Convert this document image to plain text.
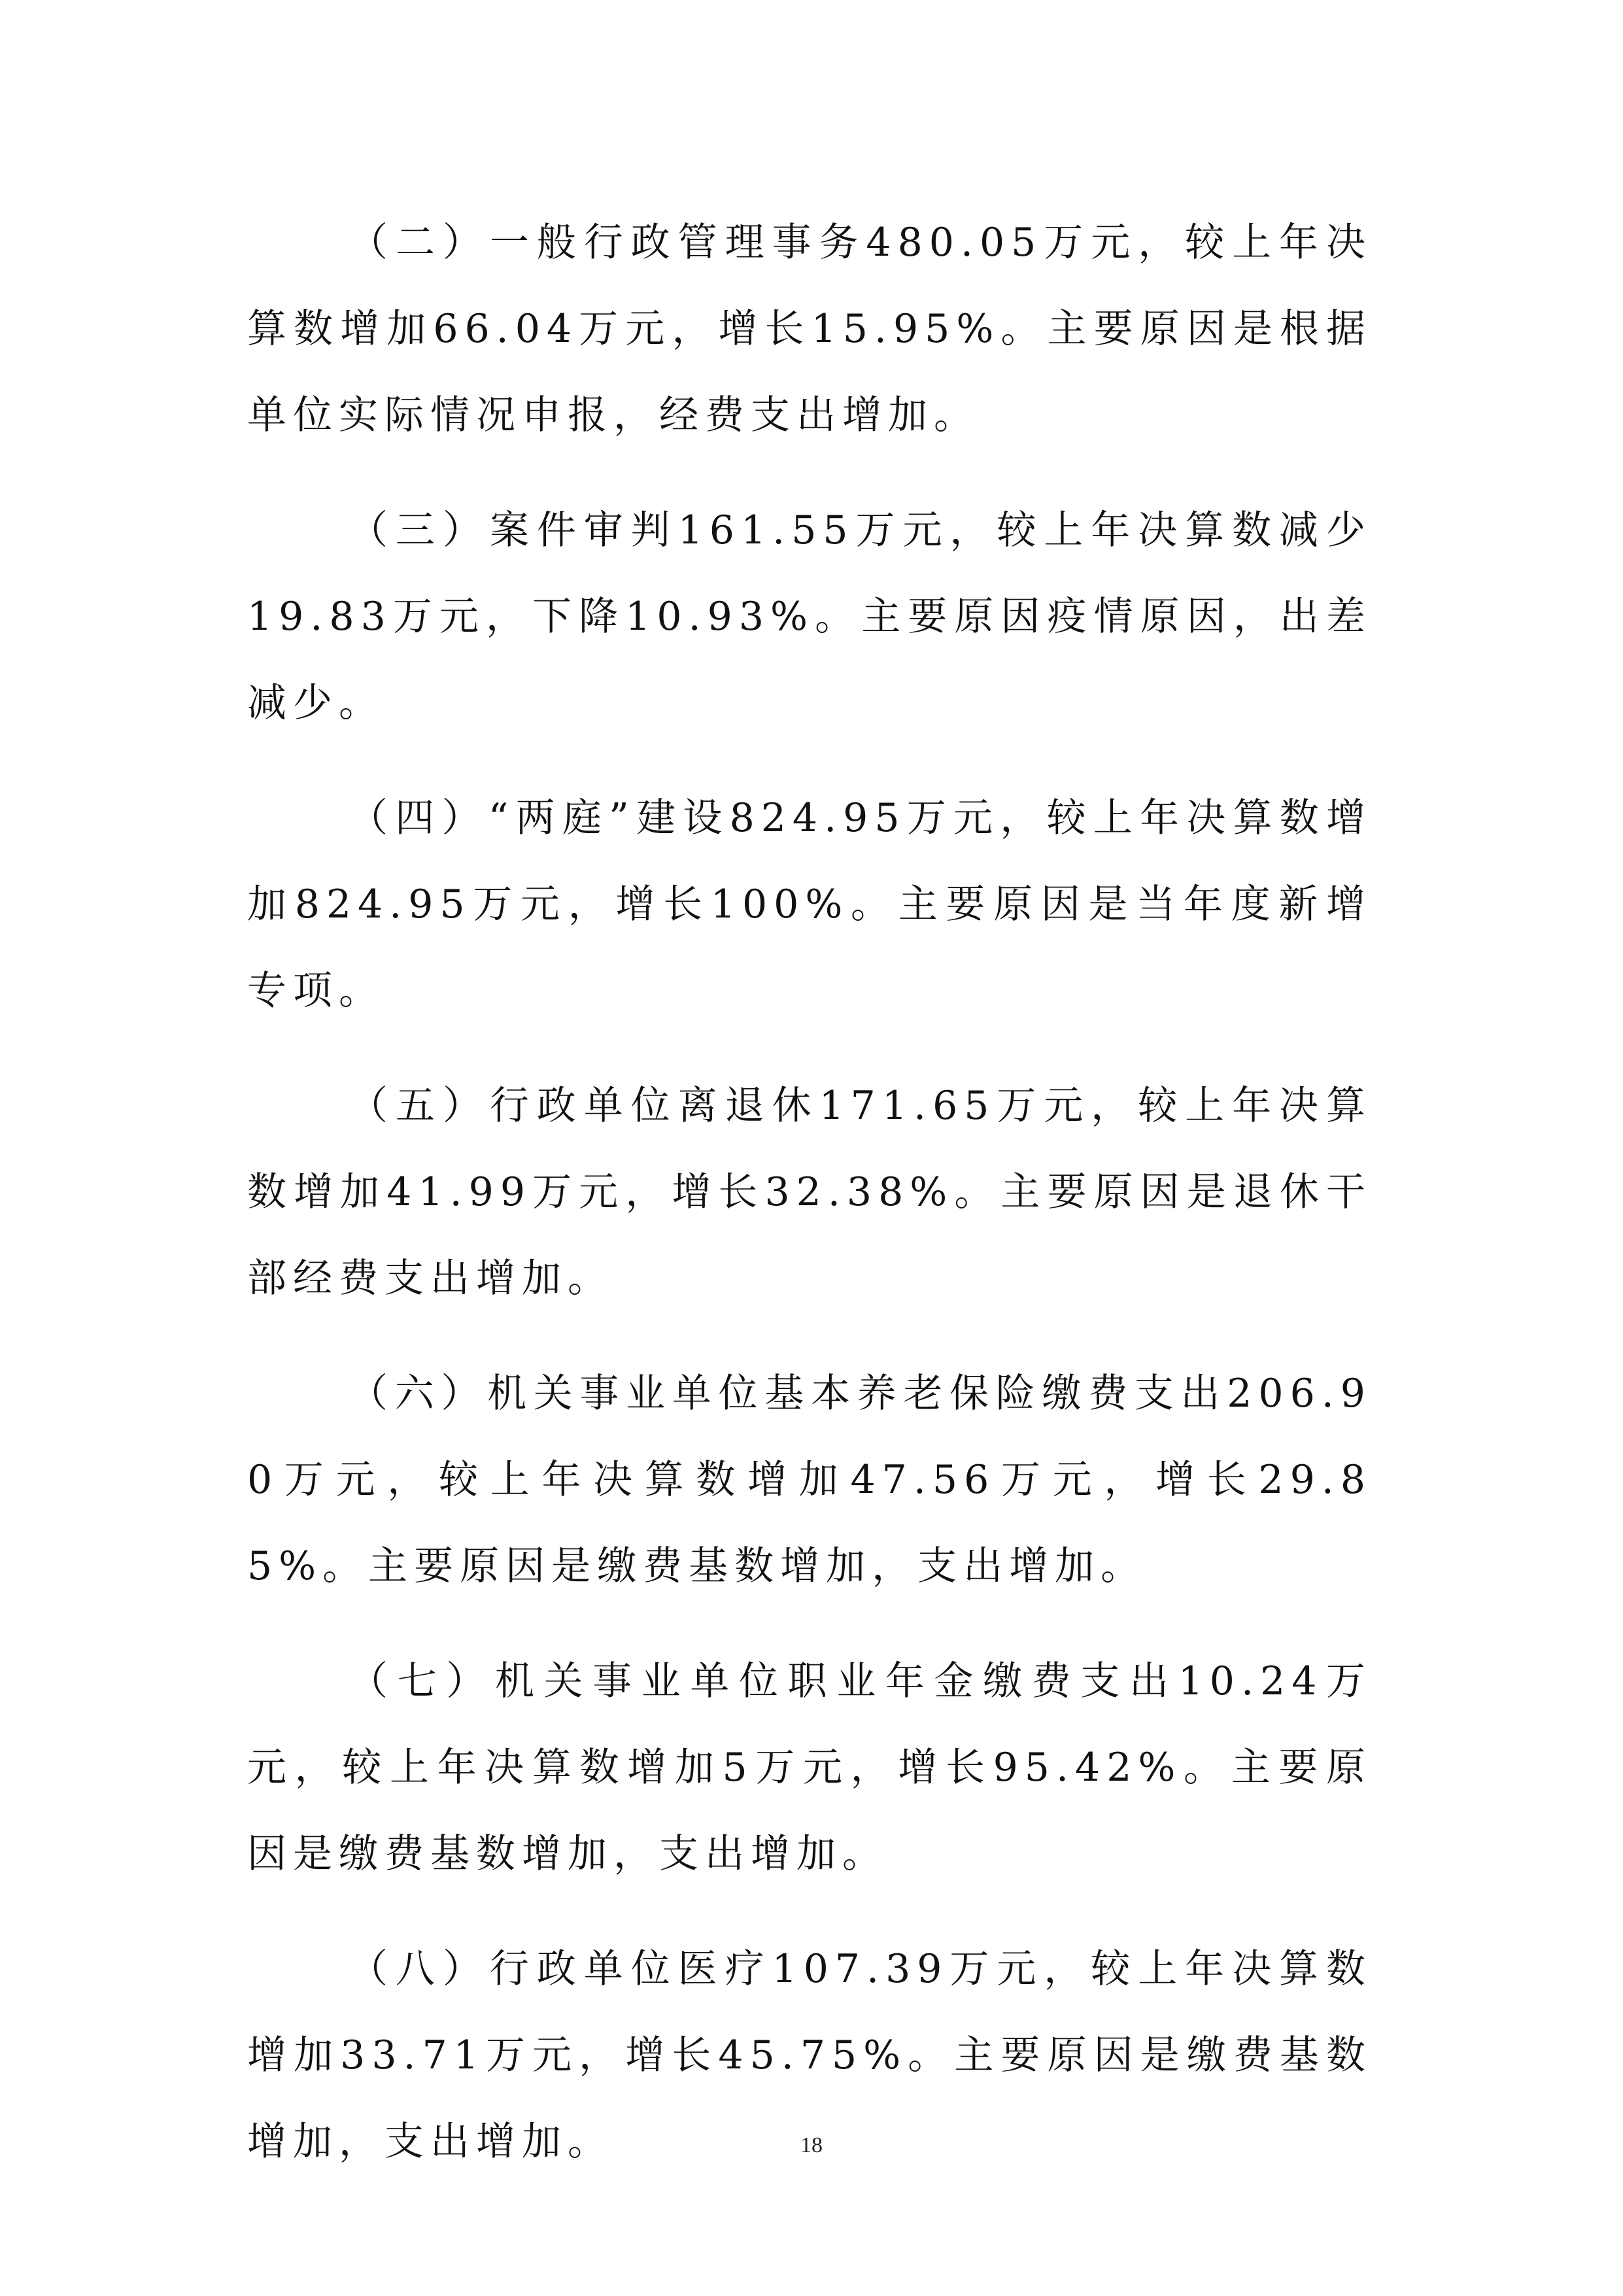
（二）一般行政管理事务480.05万元，较上年决算数增加66.04万元，增长15.95%。主要原因是根据单位实际情况申报，经费支出增加。

（三）案件审判161.55万元，较上年决算数减少19.83万元，下降10.93%。主要原因疫情原因，出差减少。

（四）“两庭”建设824.95万元，较上年决算数增加824.95万元，增长100%。主要原因是当年度新增专项。

（五）行政单位离退休171.65万元，较上年决算数增加41.99万元，增长32.38%。主要原因是退休干部经费支出增加。

（六）机关事业单位基本养老保险缴费支出206.90万元，较上年决算数增加47.56万元，增长29.85%。主要原因是缴费基数增加，支出增加。

（七）机关事业单位职业年金缴费支出10.24万元，较上年决算数增加5万元，增长95.42%。主要原因是缴费基数增加，支出增加。

（八）行政单位医疗107.39万元，较上年决算数增加33.71万元，增长45.75%。主要原因是缴费基数增加，支出增加。	18
